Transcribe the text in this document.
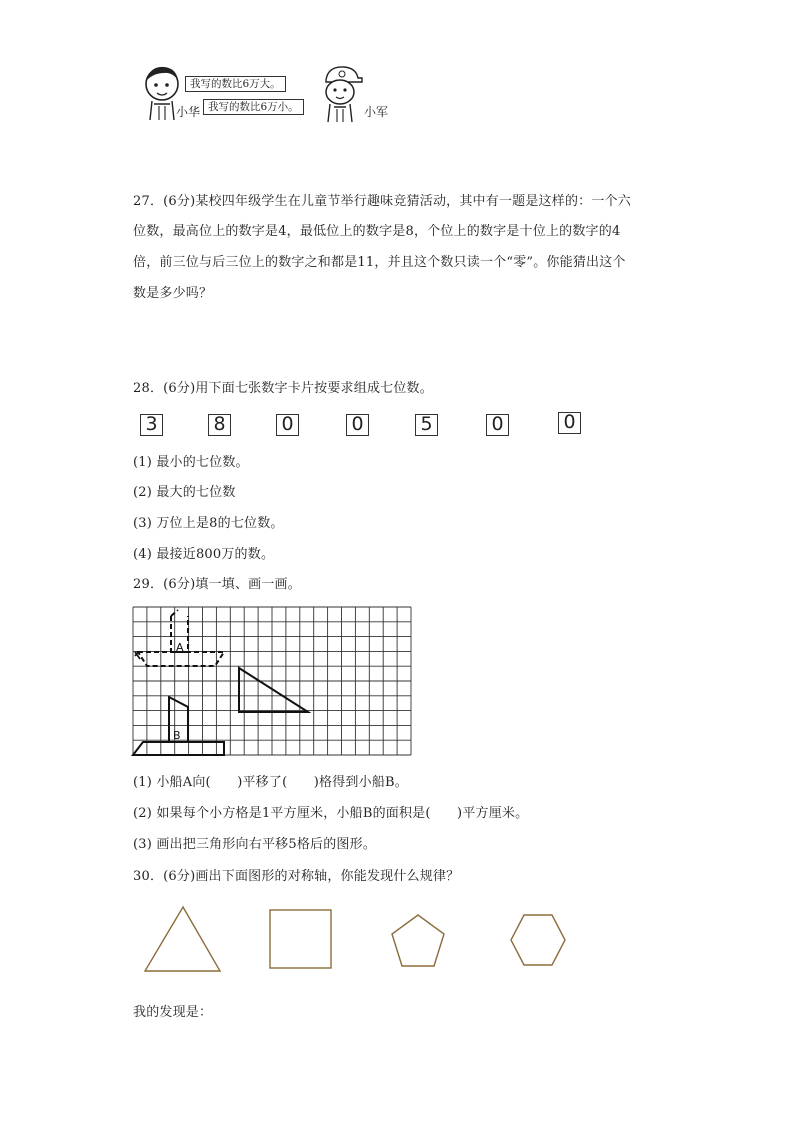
我写的数比6万大。
我写的数比6万小。
小华	小军
27．(6分)某校四年级学生在儿童节举行趣味竞猜活动，其中有一题是这样的：一个六
位数，最高位上的数字是4，最低位上的数字是8，个位上的数字是十位上的数字的4
倍，前三位与后三位上的数字之和都是11，并且这个数只读一个“零”。你能猜出这个
数是多少吗？
28．(6分)用下面七张数字卡片按要求组成七位数。
3	8	0	0	5	0	0
(1) 最小的七位数。
(2) 最大的七位数
(3) 万位上是8的七位数。
(4) 最接近800万的数。
29．(6分)填一填、画一画。
A
B
(1) 小船A向(　　)平移了(　　)格得到小船B。
(2) 如果每个小方格是1平方厘米，小船B的面积是(　　)平方厘米。
(3) 画出把三角形向右平移5格后的图形。
30．(6分)画出下面图形的对称轴，你能发现什么规律？
我的发现是：
